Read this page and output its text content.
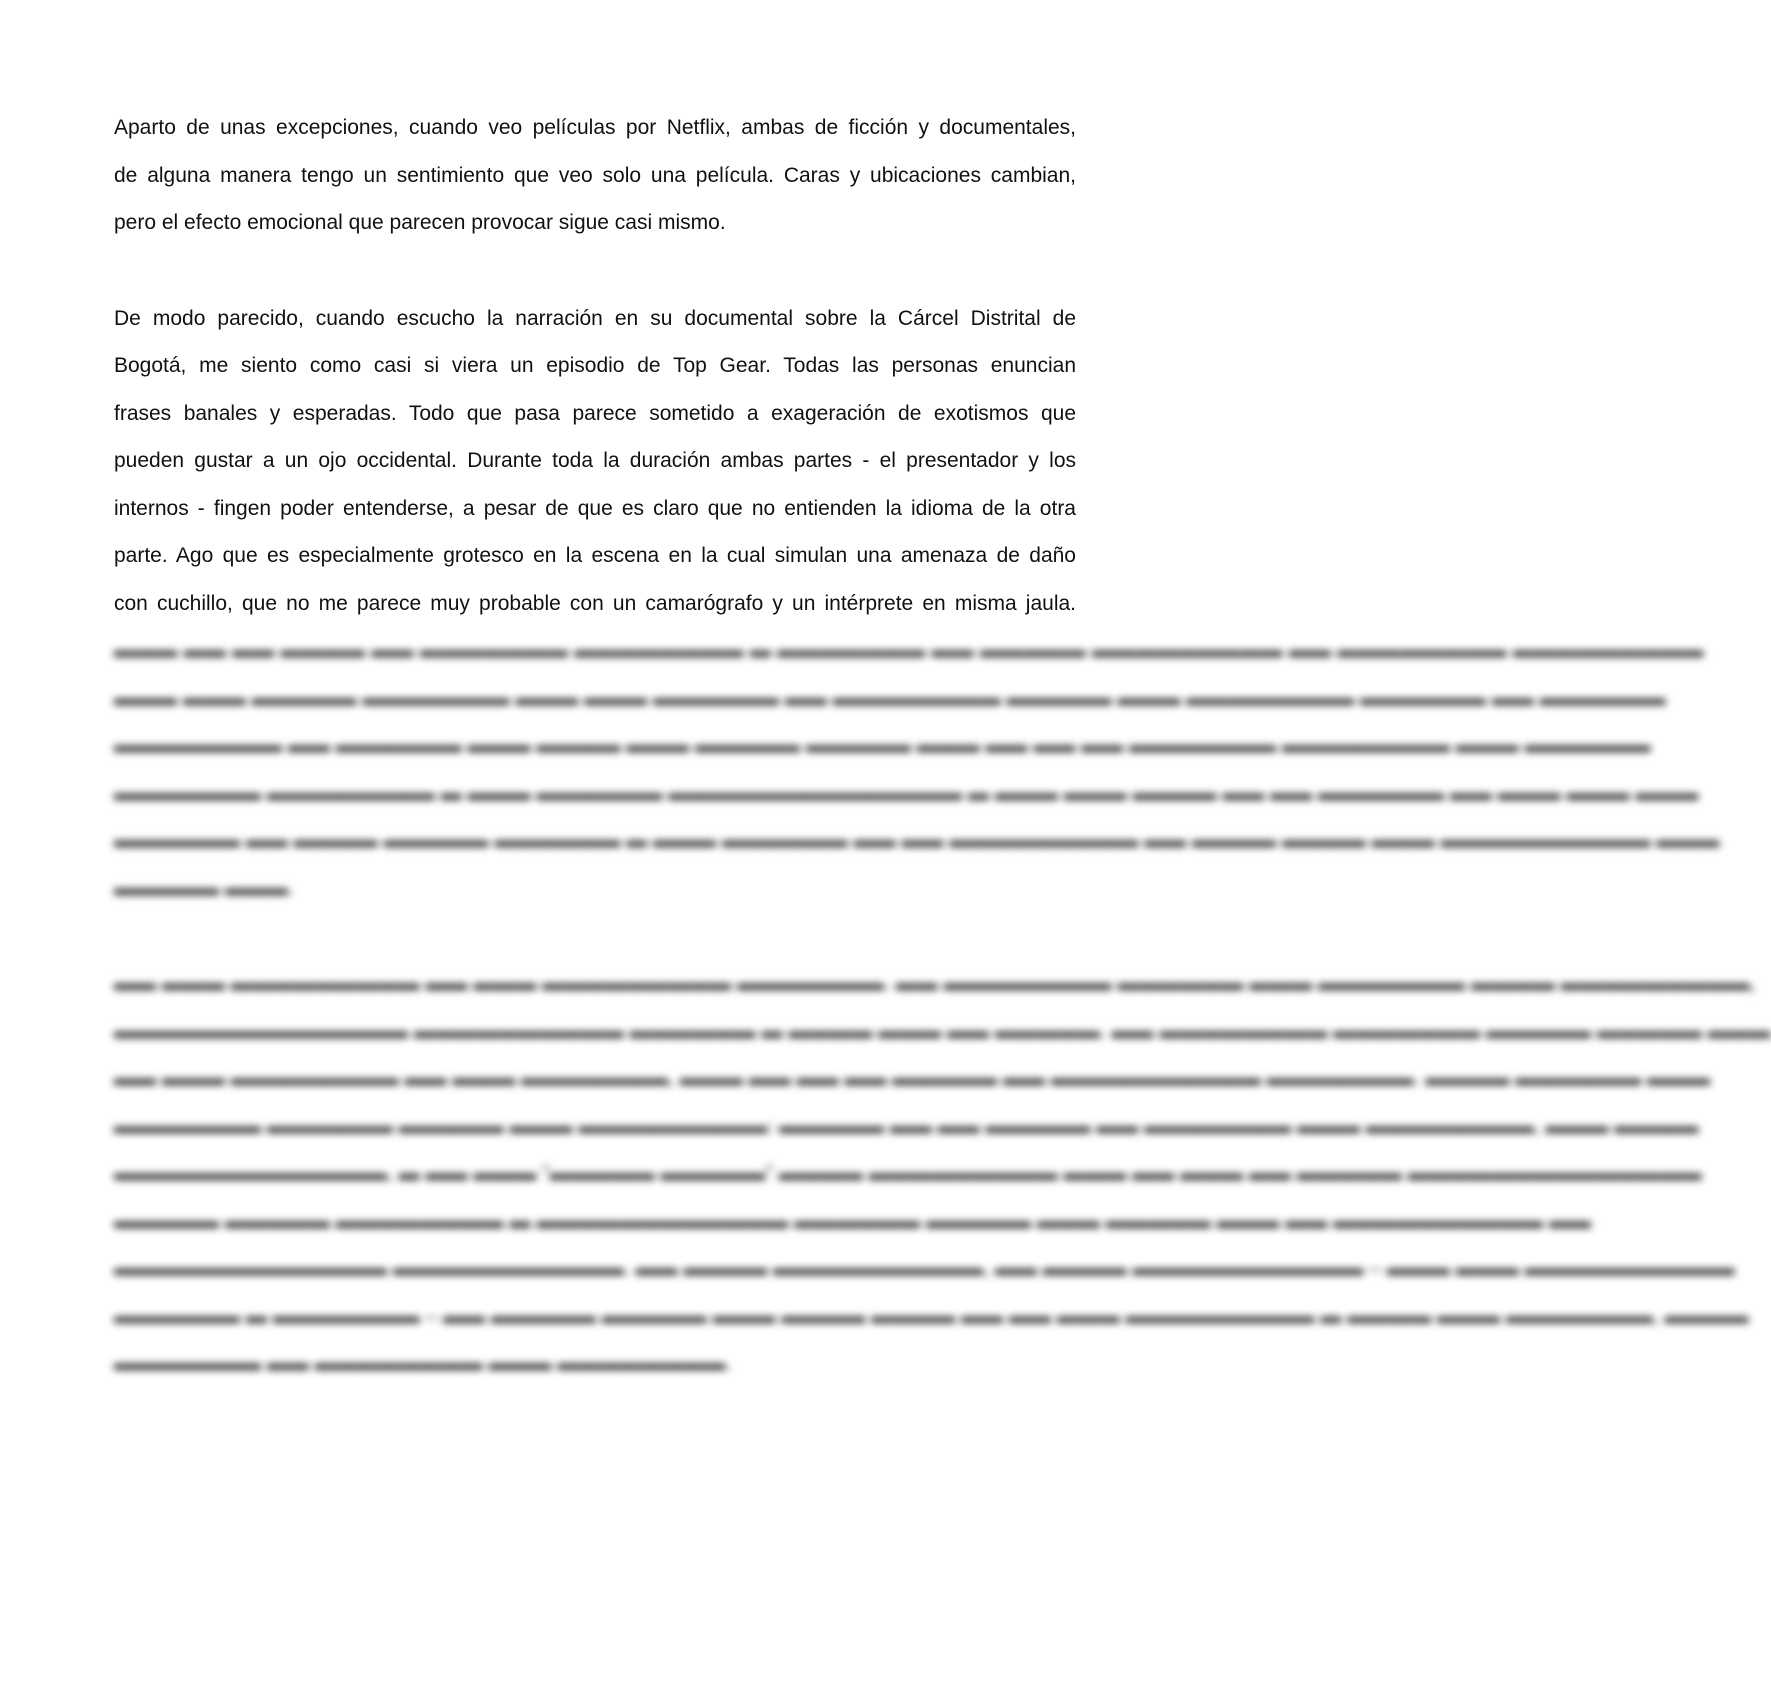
Aparto de unas excepciones, cuando veo películas por Netflix, ambas de ficción y documentales,
de alguna manera tengo un sentimiento que veo solo una película. Caras y ubicaciones cambian,
pero el efecto emocional que parecen provocar sigue casi mismo.

De modo parecido, cuando escucho la narración en su documental sobre la Cárcel Distrital de
Bogotá, me siento como casi si viera un episodio de Top Gear. Todas las personas enuncian
frases banales y esperadas. Todo que pasa parece sometido a exageración de exotismos que
pueden gustar a un ojo occidental. Durante toda la duración ambas partes - el presentador y los
internos - fingen poder entenderse, a pesar de que es claro que no entienden la idioma de la otra
parte. Ago que es especialmente grotesco en la escena en la cual simulan una amenaza de daño
con cuchillo, que no me parece muy probable con un camarógrafo y un intérprete en misma jaula.

▬▬▬ ▬▬ ▬▬ ▬▬▬▬ ▬▬ ▬▬▬▬▬▬▬ ▬▬▬▬▬▬▬▬ ▬ ▬▬▬▬▬▬▬ ▬▬ ▬▬▬▬▬ ▬▬▬▬▬▬▬▬▬ ▬▬ ▬▬▬▬▬▬▬▬ ▬▬▬▬▬▬▬▬▬
▬▬▬ ▬▬▬ ▬▬▬▬▬ ▬▬▬▬▬▬▬ ▬▬▬ ▬▬▬ ▬▬▬▬▬▬ ▬▬ ▬▬▬▬▬▬▬▬ ▬▬▬▬▬ ▬▬▬ ▬▬▬▬▬▬▬▬ ▬▬▬▬▬▬ ▬▬ ▬▬▬▬▬▬
▬▬▬▬▬▬▬▬ ▬▬ ▬▬▬▬▬▬ ▬▬▬ ▬▬▬▬ ▬▬▬ ▬▬▬▬▬ ▬▬▬▬▬ ▬▬▬ ▬▬ ▬▬ ▬▬ ▬▬▬▬▬▬▬ ▬▬▬▬▬▬▬▬ ▬▬▬ ▬▬▬▬▬▬
▬▬▬▬▬▬▬ ▬▬▬▬▬▬▬▬ ▬ ▬▬▬ ▬▬▬▬▬▬ ▬▬▬▬▬▬▬▬▬▬▬▬▬▬ ▬ ▬▬▬ ▬▬▬ ▬▬▬▬ ▬▬ ▬▬ ▬▬▬▬▬▬ ▬▬ ▬▬▬ ▬▬▬ ▬▬▬
▬▬▬▬▬▬ ▬▬ ▬▬▬▬ ▬▬▬▬▬ ▬▬▬▬▬▬ ▬ ▬▬▬ ▬▬▬▬▬▬ ▬▬ ▬▬ ▬▬▬▬▬▬▬▬▬ ▬▬ ▬▬▬▬ ▬▬▬▬ ▬▬▬ ▬▬▬▬▬▬▬▬▬▬ ▬▬▬
▬▬▬▬▬ ▬▬▬.
▬▬ ▬▬▬ ▬▬▬▬▬▬▬▬▬ ▬▬ ▬▬▬ ▬▬▬▬▬▬▬▬▬ ▬▬▬▬▬▬▬. ▬▬ ▬▬▬▬▬▬▬▬ ▬▬▬▬▬▬ ▬▬▬ ▬▬▬▬▬▬▬ ▬▬▬▬ ▬▬▬▬▬▬▬▬▬,
▬▬▬▬▬▬▬▬▬▬▬▬▬▬ ▬▬▬▬▬▬▬▬▬▬ ▬▬▬▬▬▬ ▬ ▬▬▬▬ ▬▬▬ ▬▬ ▬▬▬▬▬. ▬▬ ▬▬▬▬▬▬▬▬ ▬▬▬▬▬▬▬ ▬▬▬▬▬ ▬▬▬▬▬ ▬▬▬
▬▬ ▬▬▬ ▬▬▬▬▬▬▬▬ ▬▬ ▬▬▬ ▬▬▬▬▬▬▬, ▬▬▬ ▬▬ ▬▬ ▬▬ ▬▬▬▬▬ ▬▬ ▬▬▬▬▬▬▬▬▬▬ ▬▬▬▬▬▬▬. ▬▬▬▬ ▬▬▬▬▬▬ ▬▬▬
▬▬▬▬▬▬▬ ▬▬▬▬▬▬ ▬▬▬▬▬ ▬▬▬ ▬▬▬▬▬▬▬▬▬: ▬▬▬▬▬ ▬▬ ▬▬ ▬▬▬▬▬ ▬▬ ▬▬▬▬▬▬▬ ▬▬▬ ▬▬▬▬▬▬▬▬, ▬▬▬ ▬▬▬▬
▬▬▬▬▬▬▬▬▬▬▬▬▬, ▬ ▬▬ ▬▬▬ "▬▬▬▬▬ ▬▬▬▬▬" ▬▬▬▬ ▬▬▬▬▬▬▬▬▬ ▬▬▬ ▬▬ ▬▬▬ ▬▬ ▬▬▬▬▬ ▬▬▬▬▬▬▬▬▬▬▬▬▬▬
▬▬▬▬▬ ▬▬▬▬▬ ▬▬▬▬▬▬▬▬ ▬ ▬▬▬▬▬▬▬▬▬▬▬▬ ▬▬▬▬▬▬ ▬▬▬▬▬ ▬▬▬ ▬▬▬▬▬ ▬▬▬ ▬▬ ▬▬▬▬▬▬▬▬▬▬ ▬▬
▬▬▬▬▬▬▬▬▬▬▬▬▬ ▬▬▬▬▬▬▬▬▬▬▬. ▬▬ ▬▬▬▬ ▬▬▬▬▬▬▬▬▬▬, ▬▬ ▬▬▬▬ ▬▬▬▬▬▬▬▬▬▬▬ – ▬▬▬ ▬▬▬ ▬▬▬▬▬▬▬▬▬▬
▬▬▬▬▬▬ ▬ ▬▬▬▬▬▬▬ – ▬▬ ▬▬▬▬▬ ▬▬▬▬▬ ▬▬▬ ▬▬▬▬ ▬▬▬▬ ▬▬ ▬▬ ▬▬▬ ▬▬▬▬▬▬▬▬▬ ▬ ▬▬▬▬ ▬▬▬ ▬▬▬▬▬▬▬, ▬▬▬▬
▬▬▬▬▬▬▬ ▬▬ ▬▬▬▬▬▬▬▬ ▬▬▬ ▬▬▬▬▬▬▬▬.
